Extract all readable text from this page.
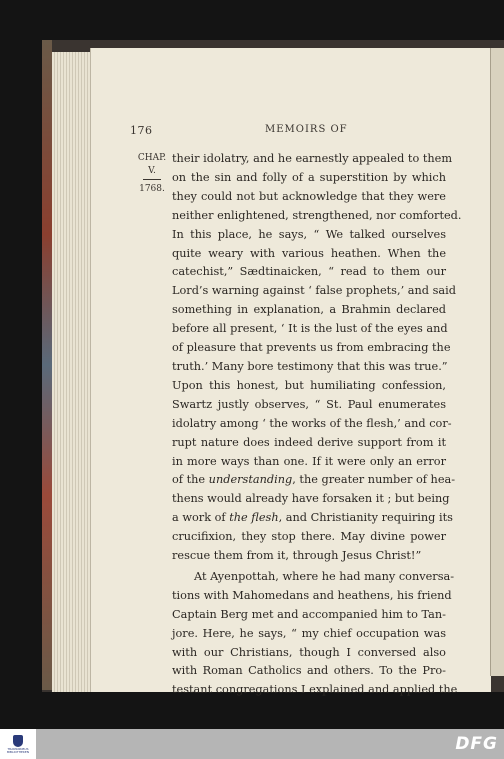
176	MEMOIRS OF
CHAP.
V.
1768.

their idolatry, and he earnestly appealed to them
on the sin and folly of a superstition by which
they could not but acknowledge that they were
neither enlightened, strengthened, nor comforted.
In this place, he says, “ We talked ourselves
quite weary with various heathen. When the
catechist,” Sædtinaicken, “ read to them our
Lord’s warning against ‘ false prophets,’ and said
something in explanation, a Brahmin declared
before all present, ‘ It is the lust of the eyes and
of pleasure that prevents us from embracing the
truth.’ Many bore testimony that this was true.”
Upon this honest, but humiliating confession,
Swartz justly observes, “ St. Paul enumerates
idolatry among ‘ the works of the flesh,’ and cor-
rupt nature does indeed derive support from it
in more ways than one. If it were only an error
of the understanding, the greater number of hea-
thens would already have forsaken it ; but being
a work of the flesh, and Christianity requiring its
crucifixion, they stop there. May divine power
rescue them from it, through Jesus Christ!”

At Ayenpottah, where he had many conversa-
tions with Mahomedans and heathens, his friend
Captain Berg met and accompanied him to Tan-
jore. Here, he says, “ my chief occupation was
with our Christians, though I conversed also
with Roman Catholics and others. To the Pro-
testant congregations I explained and applied the

TRANSKRIBUS BIBLIOTHEKEN	DFG
